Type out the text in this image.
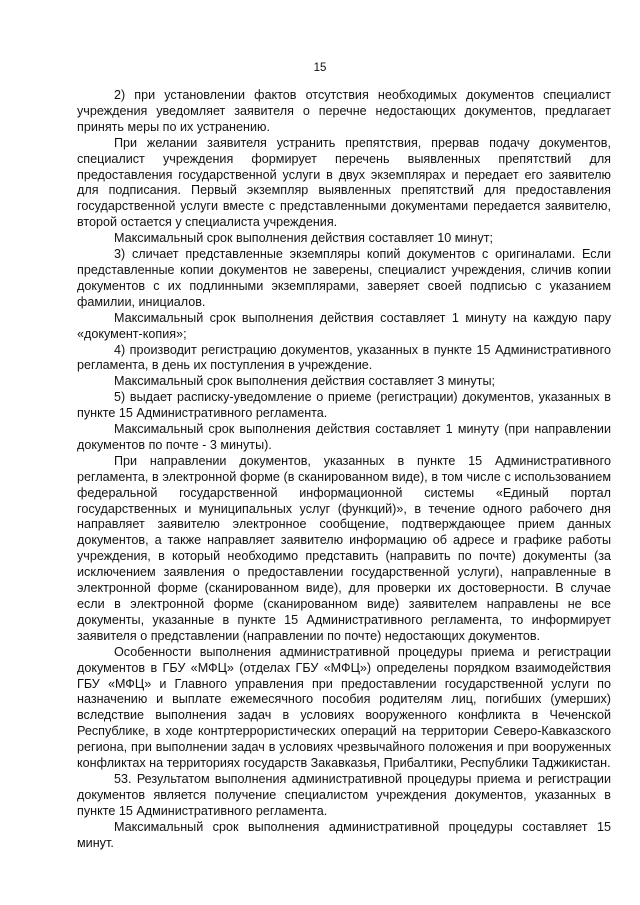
15

2) при установлении фактов отсутствия необходимых документов специалист учреждения уведомляет заявителя о перечне недостающих документов, предлагает принять меры по их устранению.

При желании заявителя устранить препятствия, прервав подачу документов, специалист учреждения формирует перечень выявленных препятствий для предоставления государственной услуги в двух экземплярах и передает его заявителю для подписания. Первый экземпляр выявленных препятствий для предоставления государственной услуги вместе с представленными документами передается заявителю, второй остается у специалиста учреждения.

Максимальный срок выполнения действия составляет 10 минут;

3) сличает представленные экземпляры копий документов с оригиналами. Если представленные копии документов не заверены, специалист учреждения, сличив копии документов с их подлинными экземплярами, заверяет своей подписью с указанием фамилии, инициалов.

Максимальный срок выполнения действия составляет 1 минуту на каждую пару «документ-копия»;

4) производит регистрацию документов, указанных в пункте 15 Административного регламента, в день их поступления в учреждение.

Максимальный срок выполнения действия составляет 3 минуты;

5) выдает расписку-уведомление о приеме (регистрации) документов, указанных в пункте 15 Административного регламента.

Максимальный срок выполнения действия составляет 1 минуту (при направлении документов по почте - 3 минуты).

При направлении документов, указанных в пункте 15 Административного регламента, в электронной форме (в сканированном виде), в том числе с использованием федеральной государственной информационной системы «Единый портал государственных и муниципальных услуг (функций)», в течение одного рабочего дня направляет заявителю электронное сообщение, подтверждающее прием данных документов, а также направляет заявителю информацию об адресе и графике работы учреждения, в который необходимо представить (направить по почте) документы (за исключением заявления о предоставлении государственной услуги), направленные в электронной форме (сканированном виде), для проверки их достоверности. В случае если в электронной форме (сканированном виде) заявителем направлены не все документы, указанные в пункте 15 Административного регламента, то информирует заявителя о представлении (направлении по почте) недостающих документов.

Особенности выполнения административной процедуры приема и регистрации документов в ГБУ «МФЦ» (отделах ГБУ «МФЦ») определены порядком взаимодействия ГБУ «МФЦ» и Главного управления при предоставлении государственной услуги по назначению и выплате ежемесячного пособия родителям лиц, погибших (умерших) вследствие выполнения задач в условиях вооруженного конфликта в Чеченской Республике, в ходе контртеррористических операций на территории Северо-Кавказского региона, при выполнении задач в условиях чрезвычайного положения и при вооруженных конфликтах на территориях государств Закавказья, Прибалтики, Республики Таджикистан.

53. Результатом выполнения административной процедуры приема и регистрации документов является получение специалистом учреждения документов, указанных в пункте 15 Административного регламента.

Максимальный срок выполнения административной процедуры составляет 15 минут.
